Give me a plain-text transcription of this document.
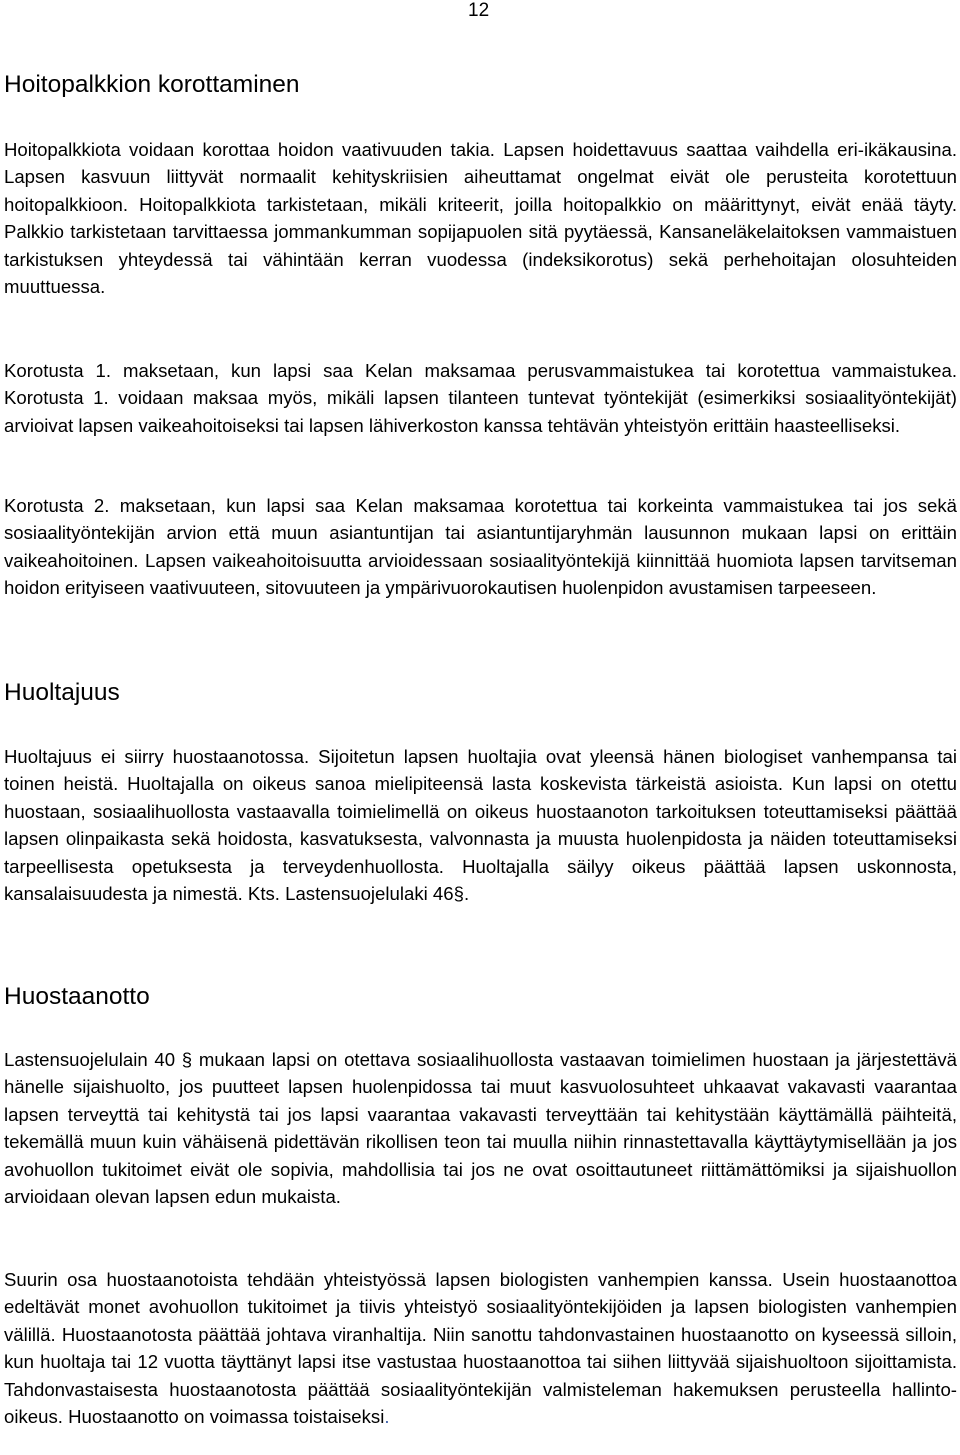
12
Hoitopalkkion korottaminen

Hoitopalkkiota voidaan korottaa hoidon vaativuuden takia. Lapsen hoidettavuus saattaa vaihdella eri-ikäkausina. Lapsen kasvuun liittyvät normaalit kehityskriisien aiheuttamat ongelmat eivät ole perusteita korotettuun hoitopalkkioon. Hoitopalkkiota tarkistetaan, mikäli kriteerit, joilla hoitopalkkio on määrittynyt, eivät enää täyty. Palkkio tarkistetaan tarvittaessa jommankumman sopijapuolen sitä pyytäessä, Kansaneläkelaitoksen vammaistuen tarkistuksen yhteydessä tai vähintään kerran vuodessa (indeksikorotus) sekä perhehoitajan olosuhteiden muuttuessa.

Korotusta 1. maksetaan, kun lapsi saa Kelan maksamaa perusvammaistukea tai korotettua vammaistukea. Korotusta 1. voidaan maksaa myös, mikäli lapsen tilanteen tuntevat työntekijät (esimerkiksi sosiaalityöntekijät) arvioivat lapsen vaikeahoitoiseksi tai lapsen lähiverkoston kanssa tehtävän yhteistyön erittäin haasteelliseksi.

Korotusta 2. maksetaan, kun lapsi saa Kelan maksamaa korotettua tai korkeinta vammaistukea tai jos sekä sosiaalityöntekijän arvion että muun asiantuntijan tai asiantuntijaryhmän lausunnon mukaan lapsi on erittäin vaikeahoitoinen. Lapsen vaikeahoitoisuutta arvioidessaan sosiaalityöntekijä kiinnittää huomiota lapsen tarvitseman hoidon erityiseen vaativuuteen, sitovuuteen ja ympärivuorokautisen huolenpidon avustamisen tarpeeseen.

Huoltajuus

Huoltajuus ei siirry huostaanotossa. Sijoitetun lapsen huoltajia ovat yleensä hänen biologiset vanhempansa tai toinen heistä. Huoltajalla on oikeus sanoa mielipiteensä lasta koskevista tärkeistä asioista. Kun lapsi on otettu huostaan, sosiaalihuollosta vastaavalla toimielimellä on oikeus huostaanoton tarkoituksen toteuttamiseksi päättää lapsen olinpaikasta sekä hoidosta, kasvatuksesta, valvonnasta ja muusta huolenpidosta ja näiden toteuttamiseksi tarpeellisesta opetuksesta ja terveydenhuollosta. Huoltajalla säilyy oikeus päättää lapsen uskonnosta, kansalaisuudesta ja nimestä. Kts. Lastensuojelulaki 46§.

Huostaanotto

Lastensuojelulain 40 § mukaan lapsi on otettava sosiaalihuollosta vastaavan toimielimen huostaan ja järjestettävä hänelle sijaishuolto, jos puutteet lapsen huolenpidossa tai muut kasvuolosuhteet uhkaavat vakavasti vaarantaa lapsen terveyttä tai kehitystä tai jos lapsi vaarantaa vakavasti terveyttään tai kehitystään käyttämällä päihteitä, tekemällä muun kuin vähäisenä pidettävän rikollisen teon tai muulla niihin rinnastettavalla käyttäytymisellään ja jos avohuollon tukitoimet eivät ole sopivia, mahdollisia tai jos ne ovat osoittautuneet riittämättömiksi ja sijaishuollon arvioidaan olevan lapsen edun mukaista.

Suurin osa huostaanotoista tehdään yhteistyössä lapsen biologisten vanhempien kanssa. Usein huostaanottoa edeltävät monet avohuollon tukitoimet ja tiivis yhteistyö sosiaalityöntekijöiden ja lapsen biologisten vanhempien välillä. Huostaanotosta päättää johtava viranhaltija. Niin sanottu tahdonvastainen huostaanotto on kyseessä silloin, kun huoltaja tai 12 vuotta täyttänyt lapsi itse vastustaa huostaanottoa tai siihen liittyvää sijaishuoltoon sijoittamista. Tahdonvastaisesta huostaanotosta päättää sosiaalityöntekijän valmisteleman hakemuksen perusteella hallinto-oikeus. Huostaanotto on voimassa toistaiseksi.
